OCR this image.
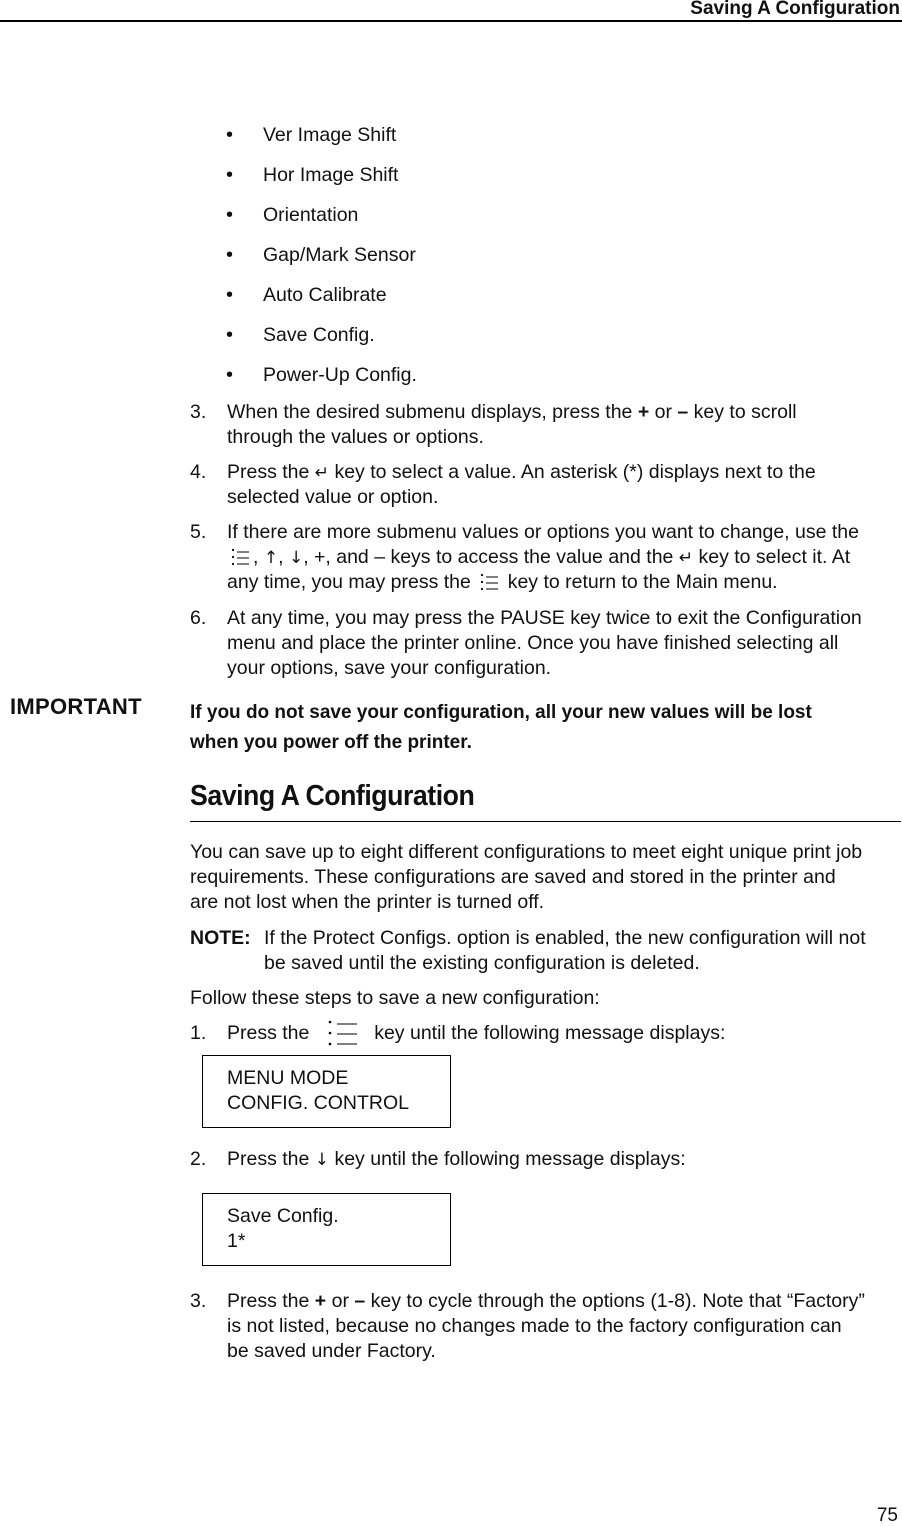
Saving A Configuration
• Ver Image Shift
• Hor Image Shift
• Orientation
• Gap/Mark Sensor
• Auto Calibrate
• Save Config.
• Power-Up Config.
3. When the desired submenu displays, press the + or – key to scroll
through the values or options.
4. Press the ↵ key to select a value. An asterisk (*) displays next to the
selected value or option.
5. If there are more submenu values or options you want to change, use the
, ↑, ↓, +, and – keys to access the value and the ↵ key to select it. At
any time, you may press the
key to return to the Main menu.
6. At any time, you may press the PAUSE key twice to exit the Configuration
menu and place the printer online. Once you have finished selecting all
your options, save your configuration.
IMPORTANT	If you do not save your configuration, all your new values will be lost
when you power off the printer.
Saving A Configuration
You can save up to eight different configurations to meet eight unique print job
requirements. These configurations are saved and stored in the printer and
are not lost when the printer is turned off.
NOTE: If the Protect Configs. option is enabled, the new configuration will not
be saved until the existing configuration is deleted.
Follow these steps to save a new configuration:
1. Press the	key until the following message displays:
MENU MODE
CONFIG. CONTROL
2. Press the ↓ key until the following message displays:
Save Config.
1*
3. Press the + or – key to cycle through the options (1-8). Note that “Factory”
is not listed, because no changes made to the factory configuration can
be saved under Factory.
75
